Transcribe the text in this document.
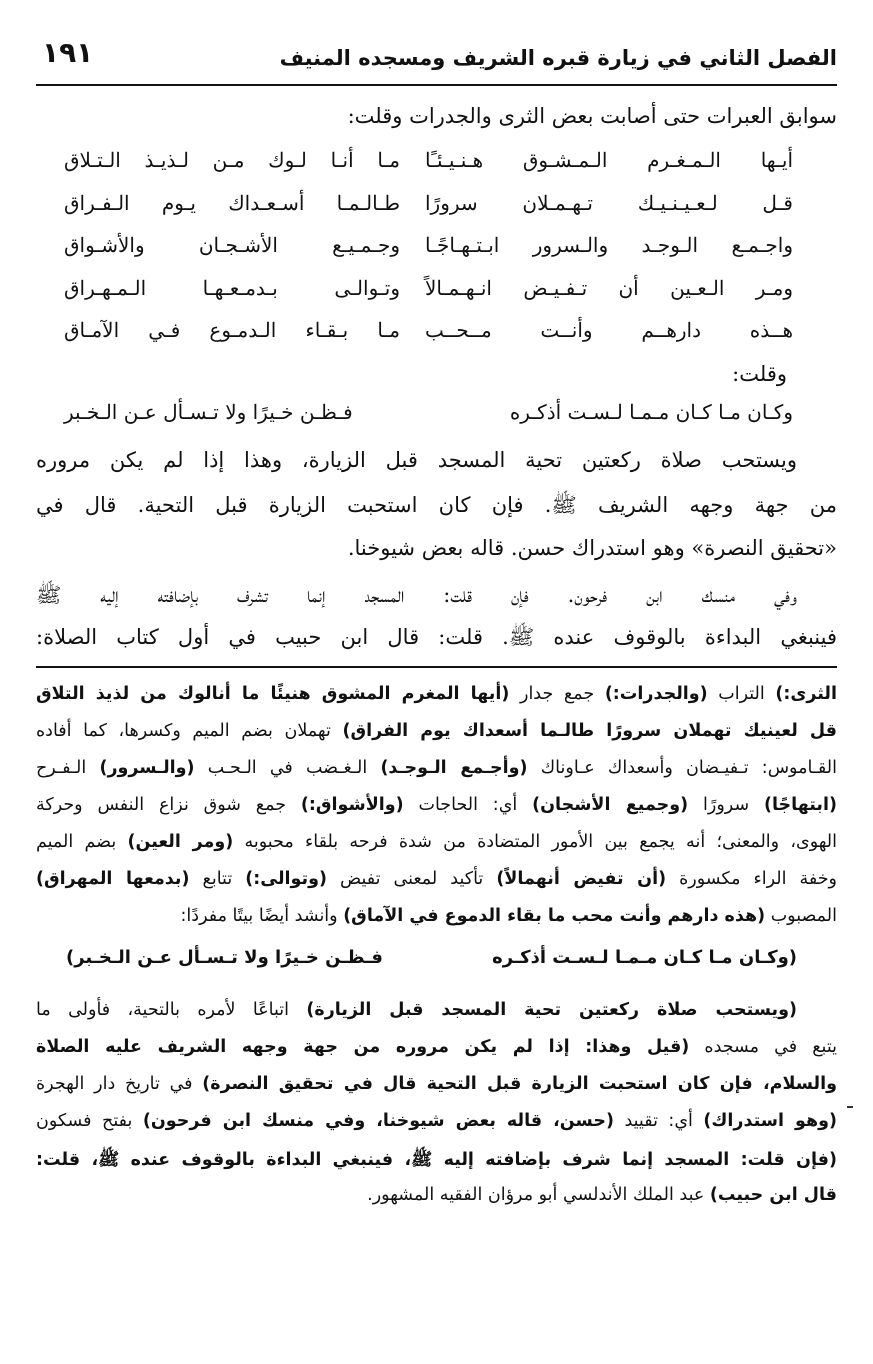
الفصل الثاني في زيارة قبره الشريف ومسجده المنيف
١٩١
سوابق العبرات حتى أصابت بعض الثرى والجدرات وقلت:
أيـها الـمـغـرم الـمـشـوق هـنـيـئـًا
مـا أنـا لـوك مـن لـذيـذ الـتـلاق
قـل لـعـيـنـيـك تـهـمـلان سرورًا
طـالـمـا أسـعـداك يـوم الـفـراق
واجـمـع الـوجـد والـسرور ابـتـهـاجًـا
وجـمـيـع الأشـجـان والأشـواق
ومـر الـعـين أن تـفـيـض انـهـمـالاً
وتـوالـى بـدمـعـهـا الـمـهـراق
هــذه دارهــم وأنــت مــحــب
مـا بـقـاء الـدمـوع فـي الآمـاق
وقلت:
وكـان مـا كـان مـمـا لـسـت أذكـره
فـظـن خـيرًا ولا تـسـأل عـن الـخـبر
ويستحب صلاة ركعتين تحية المسجد قبل الزيارة، وهذا إذا لم يكن مروره
من جهة وجهه الشريف ﷺ. فإن كان استحبت الزيارة قبل التحية. قال في
«تحقيق النصرة» وهو استدراك حسن. قاله بعض شيوخنا.
وفي منسك ابن فرحون. فإن قلت: المسجد إنما تشرف بإضافته إليه ﷺ
فينبغي البداءة بالوقوف عنده ﷺ. قلت: قال ابن حبيب في أول كتاب الصلاة:
الثرى:) التراب (والجدرات:) جمع جدار (أيها المغرم المشوق هنيئًا ما أنالوك من لذيذ التلاق
قل لعينيك تهملان سرورًا طالـما أسعداك يوم الفراق) تهملان بضم الميم وكسرها، كما أفاده
القـاموس: تـفيـضان وأسعداك عـاوناك (وأجـمع الـوجـد) الـغـضب في الـحـب (والـسرور) الـفـرح
(ابتهاجًا) سرورًا (وجميع الأشجان) أي: الحاجات (والأشواق:) جمع شوق نزاع النفس وحركة
الهوى، والمعنى؛ أنه يجمع بين الأمور المتضادة من شدة فرحه بلقاء محبوبه (ومر العين) بضم الميم
وخفة الراء مكسورة (أن تفيض أنهمالاً) تأكيد لمعنى تفيض (وتوالى:) تتابع (بدمعها المهراق)
المصبوب (هذه دارهم وأنت محب ما بقاء الدموع في الآماق) وأنشد أيضًا بيتًا مفردًا:
(وكـان مـا كـان مـمـا لـسـت أذكـره
فـظـن خـيرًا ولا تـسـأل عـن الـخـبر)
(ويستحب صلاة ركعتين تحية المسجد قبل الزيارة) اتباعًا لأمره بالتحية، فأولى ما
يتبع في مسجده (قيل وهذا: إذا لم يكن مروره من جهة وجهه الشريف عليه الصلاة
والسلام، فإن كان استحبت الزيارة قبل التحية قال في تحقيق النصرة) في تاريخ دار الهجرة
(وهو استدراك) أي: تقييد (حسن، قاله بعض شيوخنا، وفي منسك ابن فرحون) بفتح فسكون
(فإن قلت: المسجد إنما شرف بإضافته إليه ﷺ، فينبغي البداءة بالوقوف عنده ﷺ، قلت:
قال ابن حبيب) عبد الملك الأندلسي أبو مرؤان الفقيه المشهور.
